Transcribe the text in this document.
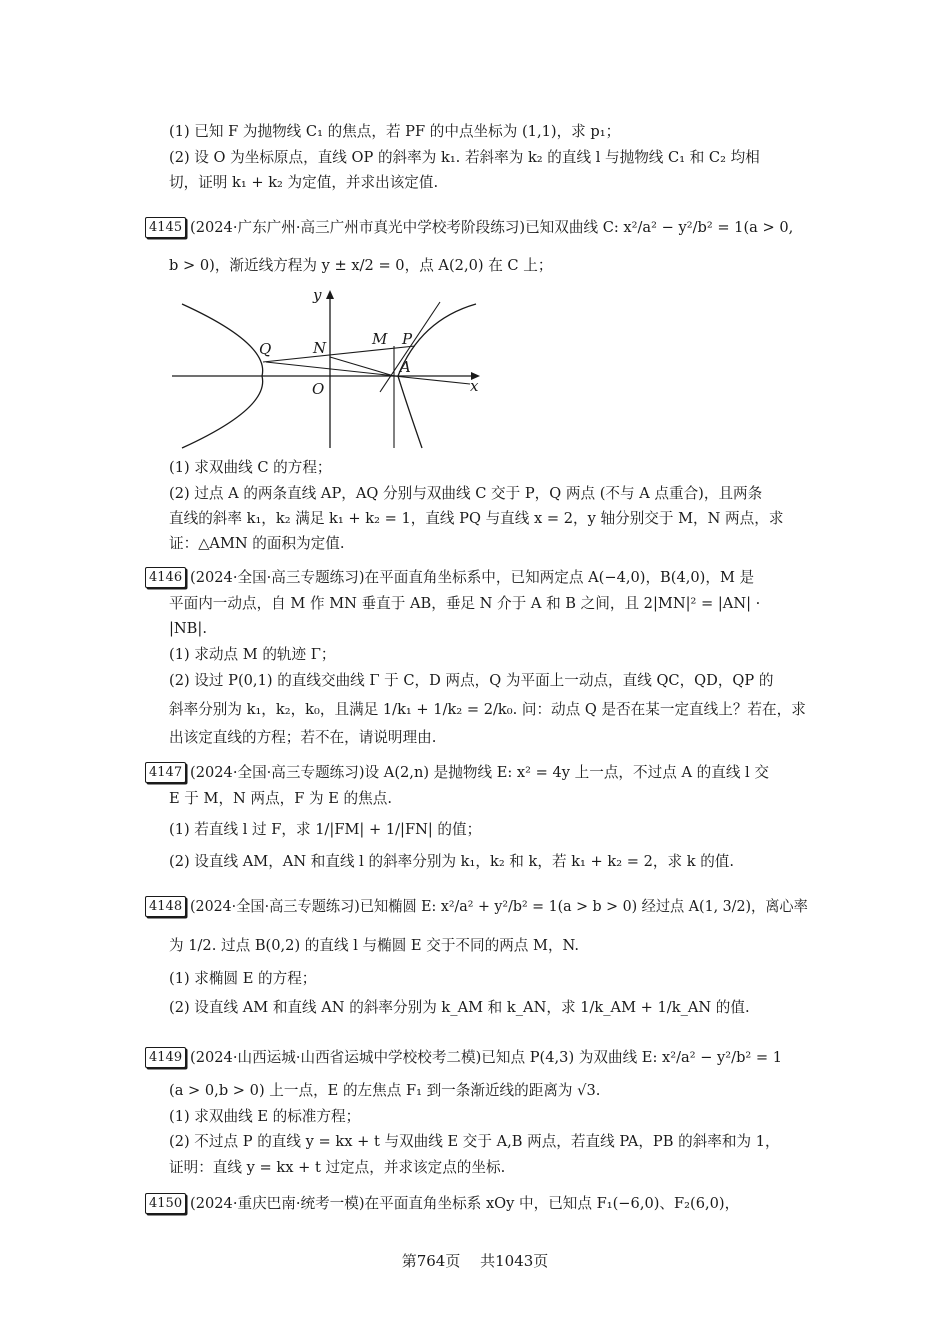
(1) 已知 F 为抛物线 C₁ 的焦点，若 PF 的中点坐标为 (1,1)，求 p₁；
(2) 设 O 为坐标原点，直线 OP 的斜率为 k₁. 若斜率为 k₂ 的直线 l 与抛物线 C₁ 和 C₂ 均相
切，证明 k₁ + k₂ 为定值，并求出该定值.
4145 (2024·广东广州·高三广州市真光中学校考阶段练习)已知双曲线 C: x²/a² − y²/b² = 1(a > 0,
b > 0)，渐近线方程为 y ± x/2 = 0，点 A(2,0) 在 C 上；
x
y
O
N
Q
M P
A
(1) 求双曲线 C 的方程；
(2) 过点 A 的两条直线 AP，AQ 分别与双曲线 C 交于 P，Q 两点 (不与 A 点重合)，且两条
直线的斜率 k₁，k₂ 满足 k₁ + k₂ = 1，直线 PQ 与直线 x = 2，y 轴分别交于 M，N 两点，求
证：△AMN 的面积为定值.
4146 (2024·全国·高三专题练习)在平面直角坐标系中，已知两定点 A(−4,0)，B(4,0)，M 是
平面内一动点，自 M 作 MN 垂直于 AB，垂足 N 介于 A 和 B 之间，且 2|MN|² = |AN| ·
|NB|.
(1) 求动点 M 的轨迹 Γ；
(2) 设过 P(0,1) 的直线交曲线 Γ 于 C，D 两点，Q 为平面上一动点，直线 QC，QD，QP 的
斜率分别为 k₁，k₂，k₀，且满足 1/k₁ + 1/k₂ = 2/k₀. 问：动点 Q 是否在某一定直线上？若在，求
出该定直线的方程；若不在，请说明理由.
4147 (2024·全国·高三专题练习)设 A(2,n) 是抛物线 E: x² = 4y 上一点，不过点 A 的直线 l 交
E 于 M，N 两点，F 为 E 的焦点.
(1) 若直线 l 过 F，求 1/|FM| + 1/|FN| 的值；
(2) 设直线 AM，AN 和直线 l 的斜率分别为 k₁，k₂ 和 k，若 k₁ + k₂ = 2，求 k 的值.
4148 (2024·全国·高三专题练习)已知椭圆 E: x²/a² + y²/b² = 1(a > b > 0) 经过点 A(1, 3/2)，离心率
为 1/2. 过点 B(0,2) 的直线 l 与椭圆 E 交于不同的两点 M，N.
(1) 求椭圆 E 的方程；
(2) 设直线 AM 和直线 AN 的斜率分别为 k_AM 和 k_AN，求 1/k_AM + 1/k_AN 的值.
4149 (2024·山西运城·山西省运城中学校校考二模)已知点 P(4,3) 为双曲线 E: x²/a² − y²/b² = 1
(a > 0,b > 0) 上一点，E 的左焦点 F₁ 到一条渐近线的距离为 √3.
(1) 求双曲线 E 的标准方程；
(2) 不过点 P 的直线 y = kx + t 与双曲线 E 交于 A,B 两点，若直线 PA，PB 的斜率和为 1，
证明：直线 y = kx + t 过定点，并求该定点的坐标.
4150 (2024·重庆巴南·统考一模)在平面直角坐标系 xOy 中，已知点 F₁(−6,0)、F₂(6,0)，
第764页　 共1043页
